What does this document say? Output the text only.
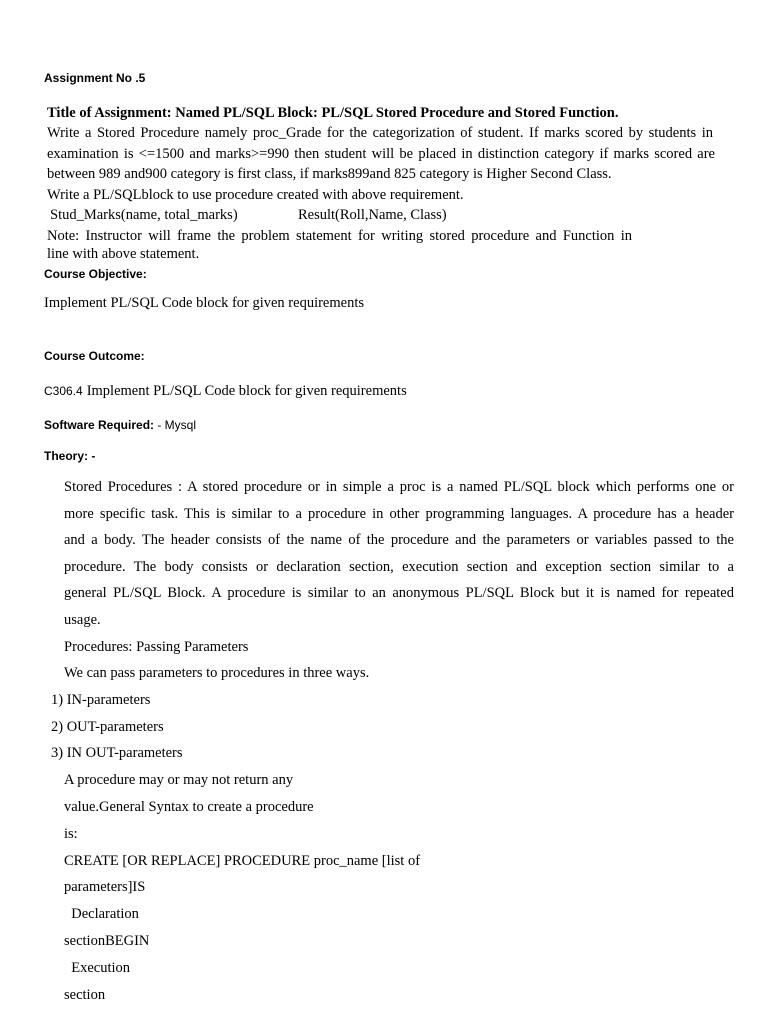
Assignment No .5

Title of Assignment: Named PL/SQL Block: PL/SQL Stored Procedure and Stored Function.

Write a Stored Procedure namely proc_Grade for the categorization of student. If marks scored by students in

examination is <=1500 and marks>=990 then student will be placed in distinction category if marks scored are

between 989 and900 category is first class, if marks899and 825 category is Higher Second Class.

Write a PL/SQLblock to use procedure created with above requirement.

Stud_Marks(name, total_marks)	Result(Roll,Name, Class)

Note: Instructor will frame the problem statement for writing stored procedure and Function in

line with above statement.

Course Objective:

Implement PL/SQL Code block for given requirements

Course Outcome:

C306.4 Implement PL/SQL Code block for given requirements

Software Required: - Mysql

Theory: -

Stored Procedures : A stored procedure or in simple a proc is a named PL/SQL block which performs one or

more specific task. This is similar to a procedure in other programming languages. A procedure has a header

and a body. The header consists of the name of the procedure and the parameters or variables passed to the

procedure. The body consists or declaration section, execution section and exception section similar to a

general PL/SQL Block. A procedure is similar to an anonymous PL/SQL Block but it is named for repeated

usage.

Procedures: Passing Parameters

We can pass parameters to procedures in three ways.

1) IN-parameters

2) OUT-parameters

3) IN OUT-parameters

A procedure may or may not return any

value.General Syntax to create a procedure

is:

CREATE [OR REPLACE] PROCEDURE proc_name [list of

parameters]IS

Declaration

sectionBEGIN

Execution

section
